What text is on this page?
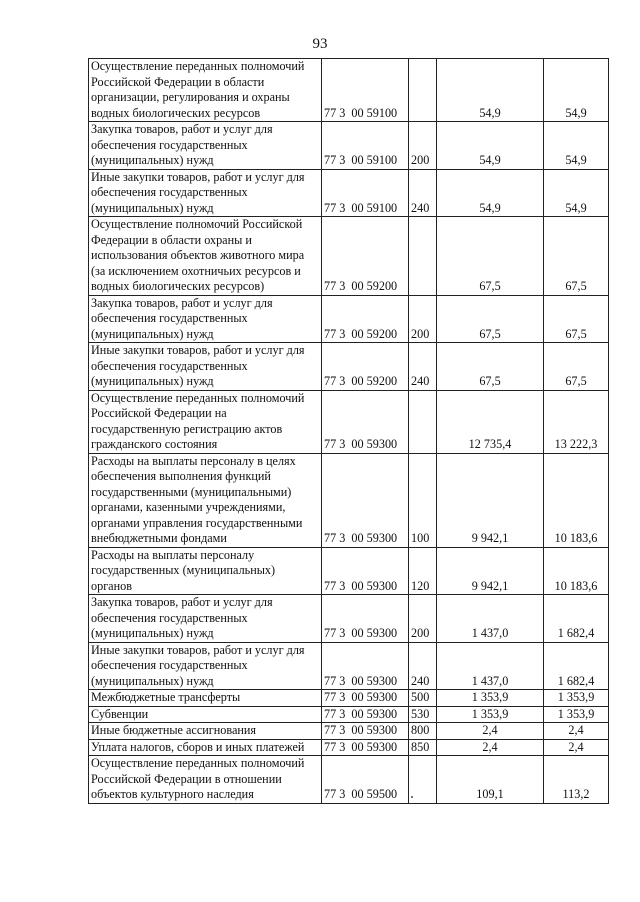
93
Осуществление переданных полномочий Российской Федерации в области организации, регулирования и охраны водных биологических ресурсов	77 3  00 59100		54,9	54,9
Закупка товаров, работ и услуг для обеспечения государственных (муниципальных) нужд	77 3  00 59100	200	54,9	54,9
Иные закупки товаров, работ и услуг для обеспечения государственных (муниципальных) нужд	77 3  00 59100	240	54,9	54,9
Осуществление полномочий Российской Федерации в области охраны и использования объектов животного мира (за исключением охотничьих ресурсов и водных биологических ресурсов)	77 3  00 59200		67,5	67,5
Закупка товаров, работ и услуг для обеспечения государственных (муниципальных) нужд	77 3  00 59200	200	67,5	67,5
Иные закупки товаров, работ и услуг для обеспечения государственных (муниципальных) нужд	77 3  00 59200	240	67,5	67,5
Осуществление переданных полномочий Российской Федерации на государственную регистрацию актов гражданского состояния	77 3  00 59300		12 735,4	13 222,3
Расходы на выплаты персоналу в целях обеспечения выполнения функций государственными (муниципальными) органами, казенными учреждениями, органами управления государственными внебюджетными фондами	77 3  00 59300	100	9 942,1	10 183,6
Расходы на выплаты персоналу государственных (муниципальных) органов	77 3  00 59300	120	9 942,1	10 183,6
Закупка товаров, работ и услуг для обеспечения государственных (муниципальных) нужд	77 3  00 59300	200	1 437,0	1 682,4
Иные закупки товаров, работ и услуг для обеспечения государственных (муниципальных) нужд	77 3  00 59300	240	1 437,0	1 682,4
Межбюджетные трансферты	77 3  00 59300	500	1 353,9	1 353,9
Субвенции	77 3  00 59300	530	1 353,9	1 353,9
Иные бюджетные ассигнования	77 3  00 59300	800	2,4	2,4
Уплата налогов, сборов и иных платежей	77 3  00 59300	850	2,4	2,4
Осуществление переданных полномочий Российской Федерации в отношении объектов культурного наследия	77 3  00 59500		109,1	113,2
